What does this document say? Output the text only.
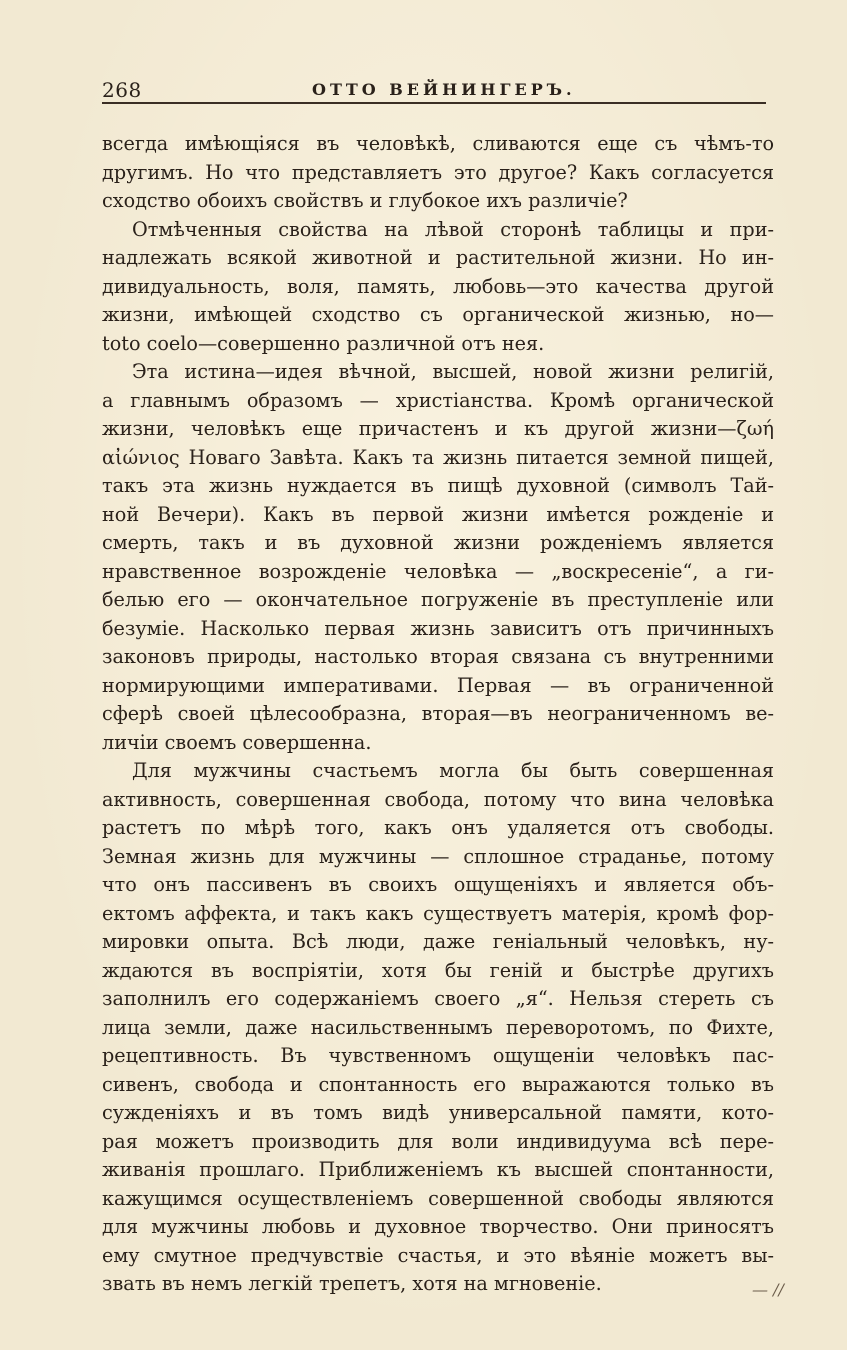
268	ОТТО ВЕЙНИНГЕРЪ.
всегда имѣющіяся въ человѣкѣ, сливаются еще съ чѣмъ-то
другимъ. Но что представляетъ это другое? Какъ согласуется
сходство обоихъ свойствъ и глубокое ихъ различіе?
Отмѣченныя свойства на лѣвой сторонѣ таблицы и при-
надлежать всякой животной и растительной жизни. Но ин-
дивидуальность, воля, память, любовь—это качества другой
жизни, имѣющей сходство съ органической жизнью, но—
toto coelo—совершенно различной отъ нея.
Эта истина—идея вѣчной, высшей, новой жизни религій,
а главнымъ образомъ — христіанства. Кромѣ органической
жизни, человѣкъ еще причастенъ и къ другой жизни—ζωή
αἰώνιος Новаго Завѣта. Какъ та жизнь питается земной пищей,
такъ эта жизнь нуждается въ пищѣ духовной (символъ Тай-
ной Вечери). Какъ въ первой жизни имѣется рожденіе и
смерть, такъ и въ духовной жизни рожденіемъ является
нравственное возрожденіе человѣка — „воскресеніе“, а ги-
белью его — окончательное погруженіе въ преступленіе или
безуміе. Насколько первая жизнь зависитъ отъ причинныхъ
законовъ природы, настолько вторая связана съ внутренними
нормирующими императивами. Первая — въ ограниченной
сферѣ своей цѣлесообразна, вторая—въ неограниченномъ ве-
личіи своемъ совершенна.
Для мужчины счастьемъ могла бы быть совершенная
активность, совершенная свобода, потому что вина человѣка
растетъ по мѣрѣ того, какъ онъ удаляется отъ свободы.
Земная жизнь для мужчины — сплошное страданье, потому
что онъ пассивенъ въ своихъ ощущеніяхъ и является объ-
ектомъ аффекта, и такъ какъ существуетъ матерія, кромѣ фор-
мировки опыта. Всѣ люди, даже геніальный человѣкъ, ну-
ждаются въ воспріятіи, хотя бы геній и быстрѣе другихъ
заполнилъ его содержаніемъ своего „я“. Нельзя стереть съ
лица земли, даже насильственнымъ переворотомъ, по Фихте,
рецептивность. Въ чувственномъ ощущеніи человѣкъ пас-
сивенъ, свобода и спонтанность его выражаются только въ
сужденіяхъ и въ томъ видѣ универсальной памяти, кото-
рая можетъ производить для воли индивидуума всѣ пере-
живанія прошлаго. Приближеніемъ къ высшей спонтанности,
кажущимся осуществленіемъ совершенной свободы являются
для мужчины любовь и духовное творчество. Они приносятъ
ему смутное предчувствіе счастья, и это вѣяніе можетъ вы-
звать въ немъ легкій трепетъ, хотя на мгновеніе.	— //
